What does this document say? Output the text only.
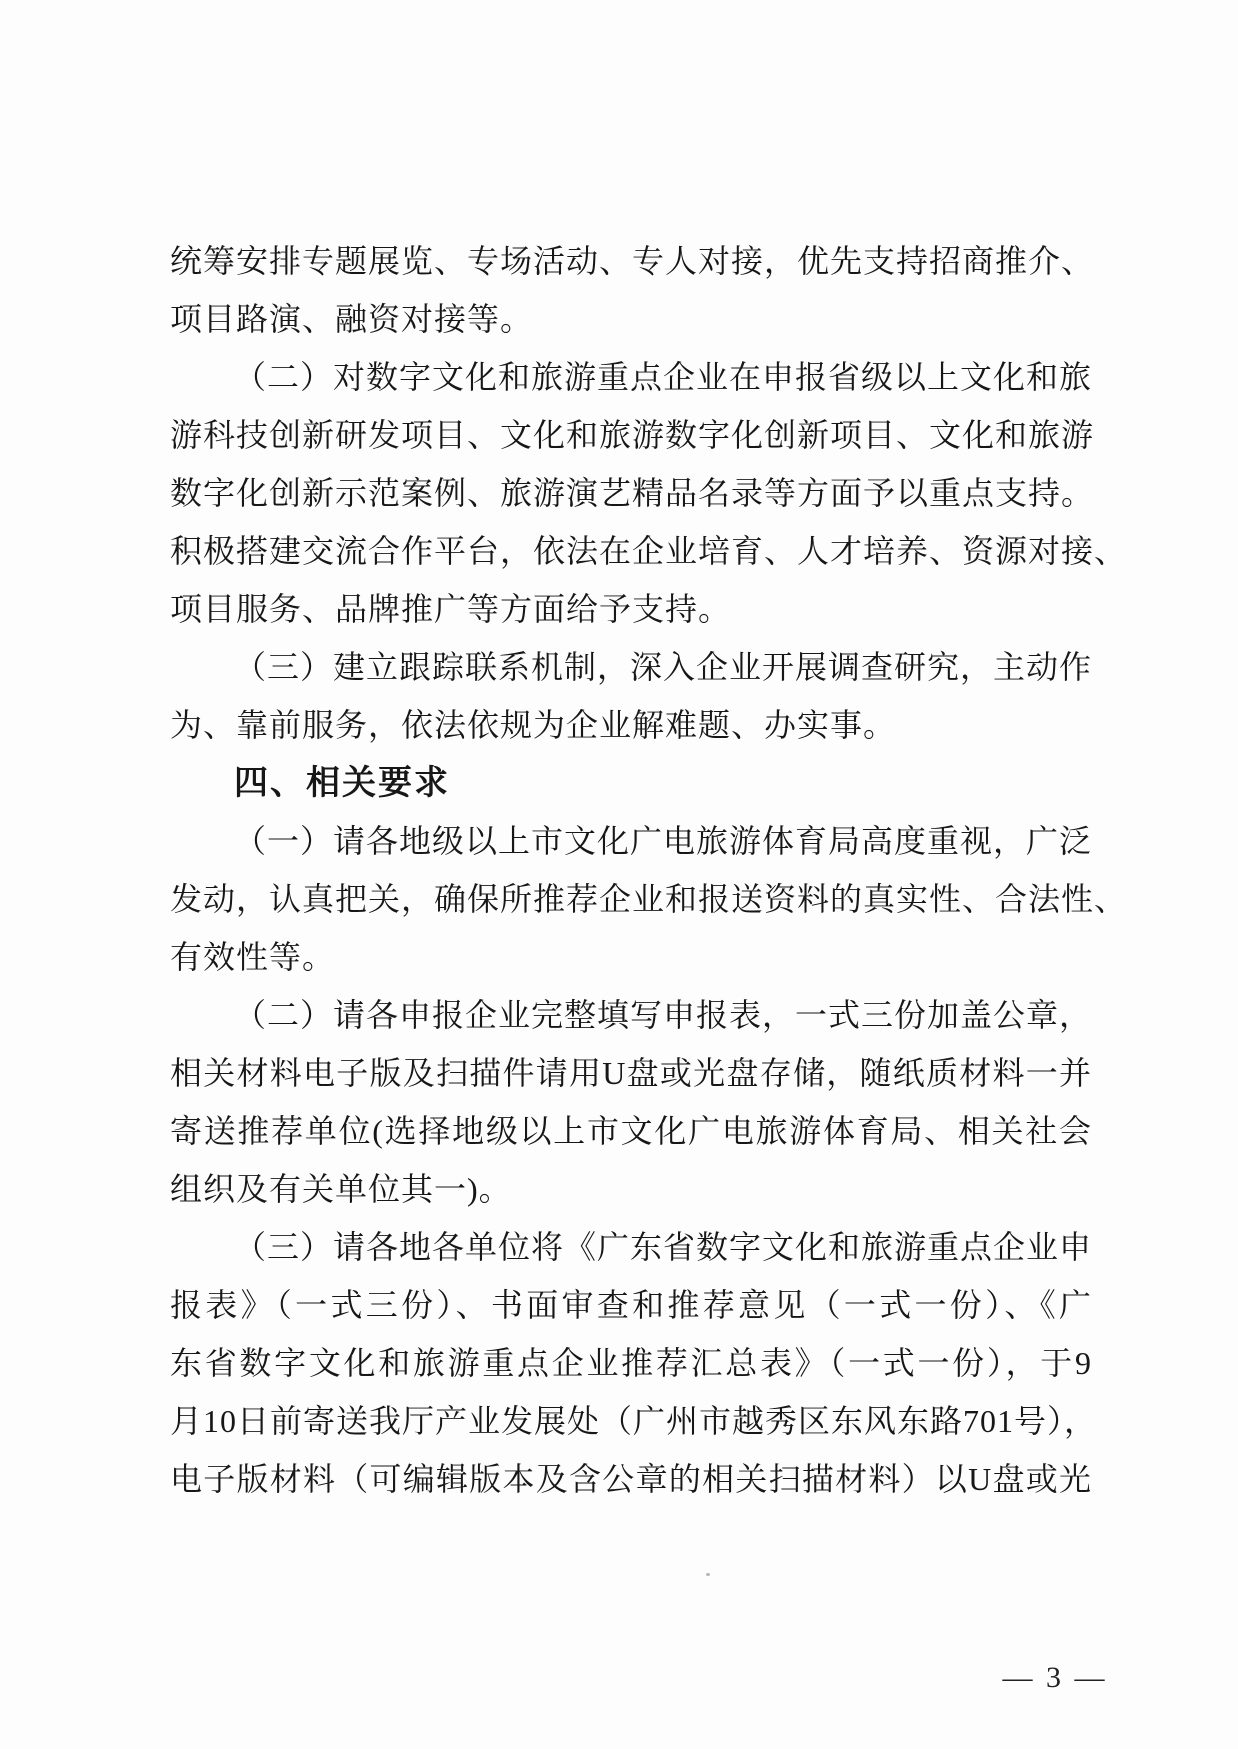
统筹安排专题展览、专场活动、专人对接，优先支持招商推介、
项目路演、融资对接等。
（二）对数字文化和旅游重点企业在申报省级以上文化和旅
游科技创新研发项目、文化和旅游数字化创新项目、文化和旅游
数字化创新示范案例、旅游演艺精品名录等方面予以重点支持。
积极搭建交流合作平台，依法在企业培育、人才培养、资源对接、
项目服务、品牌推广等方面给予支持。
（三）建立跟踪联系机制，深入企业开展调查研究，主动作
为、靠前服务，依法依规为企业解难题、办实事。
四、相关要求
（一）请各地级以上市文化广电旅游体育局高度重视，广泛
发动，认真把关，确保所推荐企业和报送资料的真实性、合法性、
有效性等。
（二）请各申报企业完整填写申报表，一式三份加盖公章，
相关材料电子版及扫描件请用U盘或光盘存储，随纸质材料一并
寄送推荐单位(选择地级以上市文化广电旅游体育局、相关社会
组织及有关单位其一)。
（三）请各地各单位将《广东省数字文化和旅游重点企业申
报表》（一式三份）、书面审查和推荐意见（一式一份）、《广
东省数字文化和旅游重点企业推荐汇总表》（一式一份），于9
月10日前寄送我厅产业发展处（广州市越秀区东风东路701号），
电子版材料（可编辑版本及含公章的相关扫描材料）以U盘或光
— 3 —
